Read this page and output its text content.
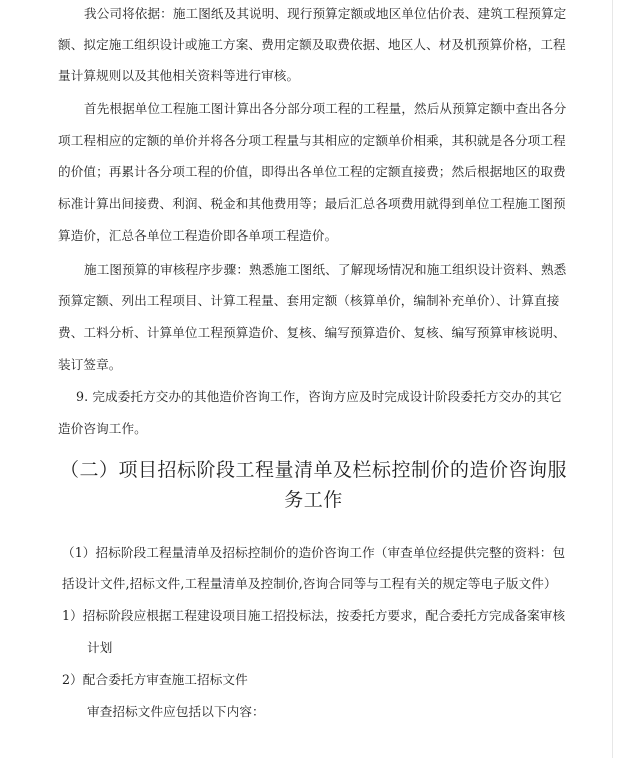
我公司将依据：施工图纸及其说明、现行预算定额或地区单位估价表、建筑工程预算定
额、拟定施工组织设计或施工方案、费用定额及取费依据、地区人、材及机预算价格，工程
量计算规则以及其他相关资料等进行审核。
首先根据单位工程施工图计算出各分部分项工程的工程量，然后从预算定额中查出各分
项工程相应的定额的单价并将各分项工程量与其相应的定额单价相乘，其积就是各分项工程
的价值；再累计各分项工程的价值，即得出各单位工程的定额直接费；然后根据地区的取费
标准计算出间接费、利润、税金和其他费用等；最后汇总各项费用就得到单位工程施工图预
算造价，汇总各单位工程造价即各单项工程造价。
施工图预算的审核程序步骤：熟悉施工图纸、了解现场情况和施工组织设计资料、熟悉
预算定额、列出工程项目、计算工程量、套用定额（核算单价，编制补充单价）、计算直接
费、工料分析、计算单位工程预算造价、复核、编写预算造价、复核、编写预算审核说明、
装订签章。
9. 完成委托方交办的其他造价咨询工作，咨询方应及时完成设计阶段委托方交办的其它
造价咨询工作。
（二）项目招标阶段工程量清单及栏标控制价的造价咨询服
务工作
（1）招标阶段工程量清单及招标控制价的造价咨询工作（审查单位经提供完整的资料：包
括设计文件,招标文件,工程量清单及控制价,咨询合同等与工程有关的规定等电子版文件）
1）招标阶段应根据工程建设项目施工招投标法，按委托方要求，配合委托方完成备案审核
计划
2）配合委托方审查施工招标文件
审查招标文件应包括以下内容：
